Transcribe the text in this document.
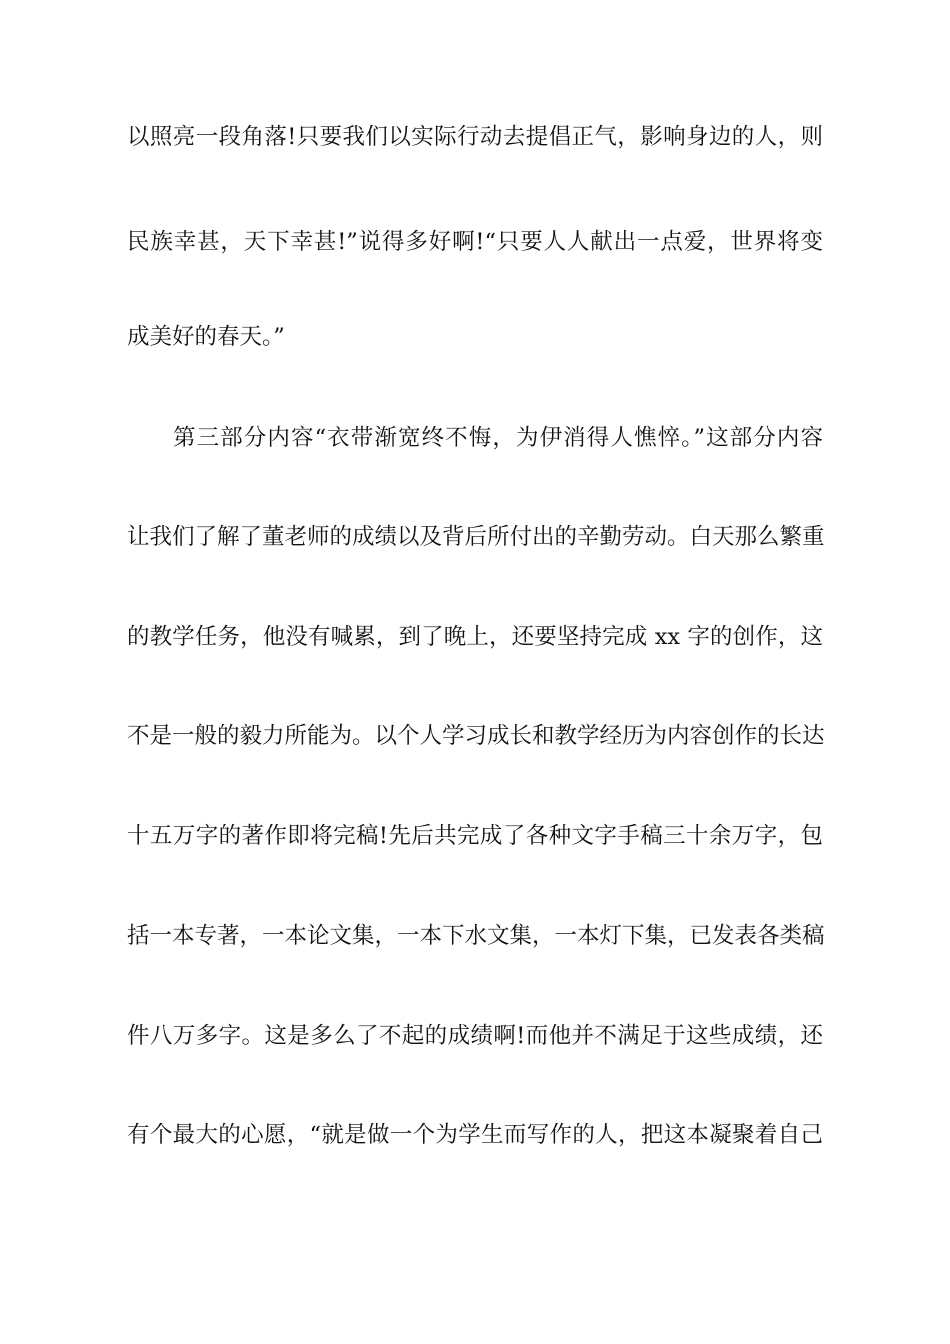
以照亮一段角落!只要我们以实际行动去提倡正气，影响身边的人，则
民族幸甚，天下幸甚!”说得多好啊!“只要人人献出一点爱，世界将变
成美好的春天。”
第三部分内容“衣带渐宽终不悔，为伊消得人憔悴。”这部分内容
让我们了解了董老师的成绩以及背后所付出的辛勤劳动。白天那么繁重
的教学任务，他没有喊累，到了晚上，还要坚持完成 xx 字的创作，这
不是一般的毅力所能为。以个人学习成长和教学经历为内容创作的长达
十五万字的著作即将完稿!先后共完成了各种文字手稿三十余万字，包
括一本专著，一本论文集，一本下水文集，一本灯下集，已发表各类稿
件八万多字。这是多么了不起的成绩啊!而他并不满足于这些成绩，还
有个最大的心愿，“就是做一个为学生而写作的人，把这本凝聚着自己
